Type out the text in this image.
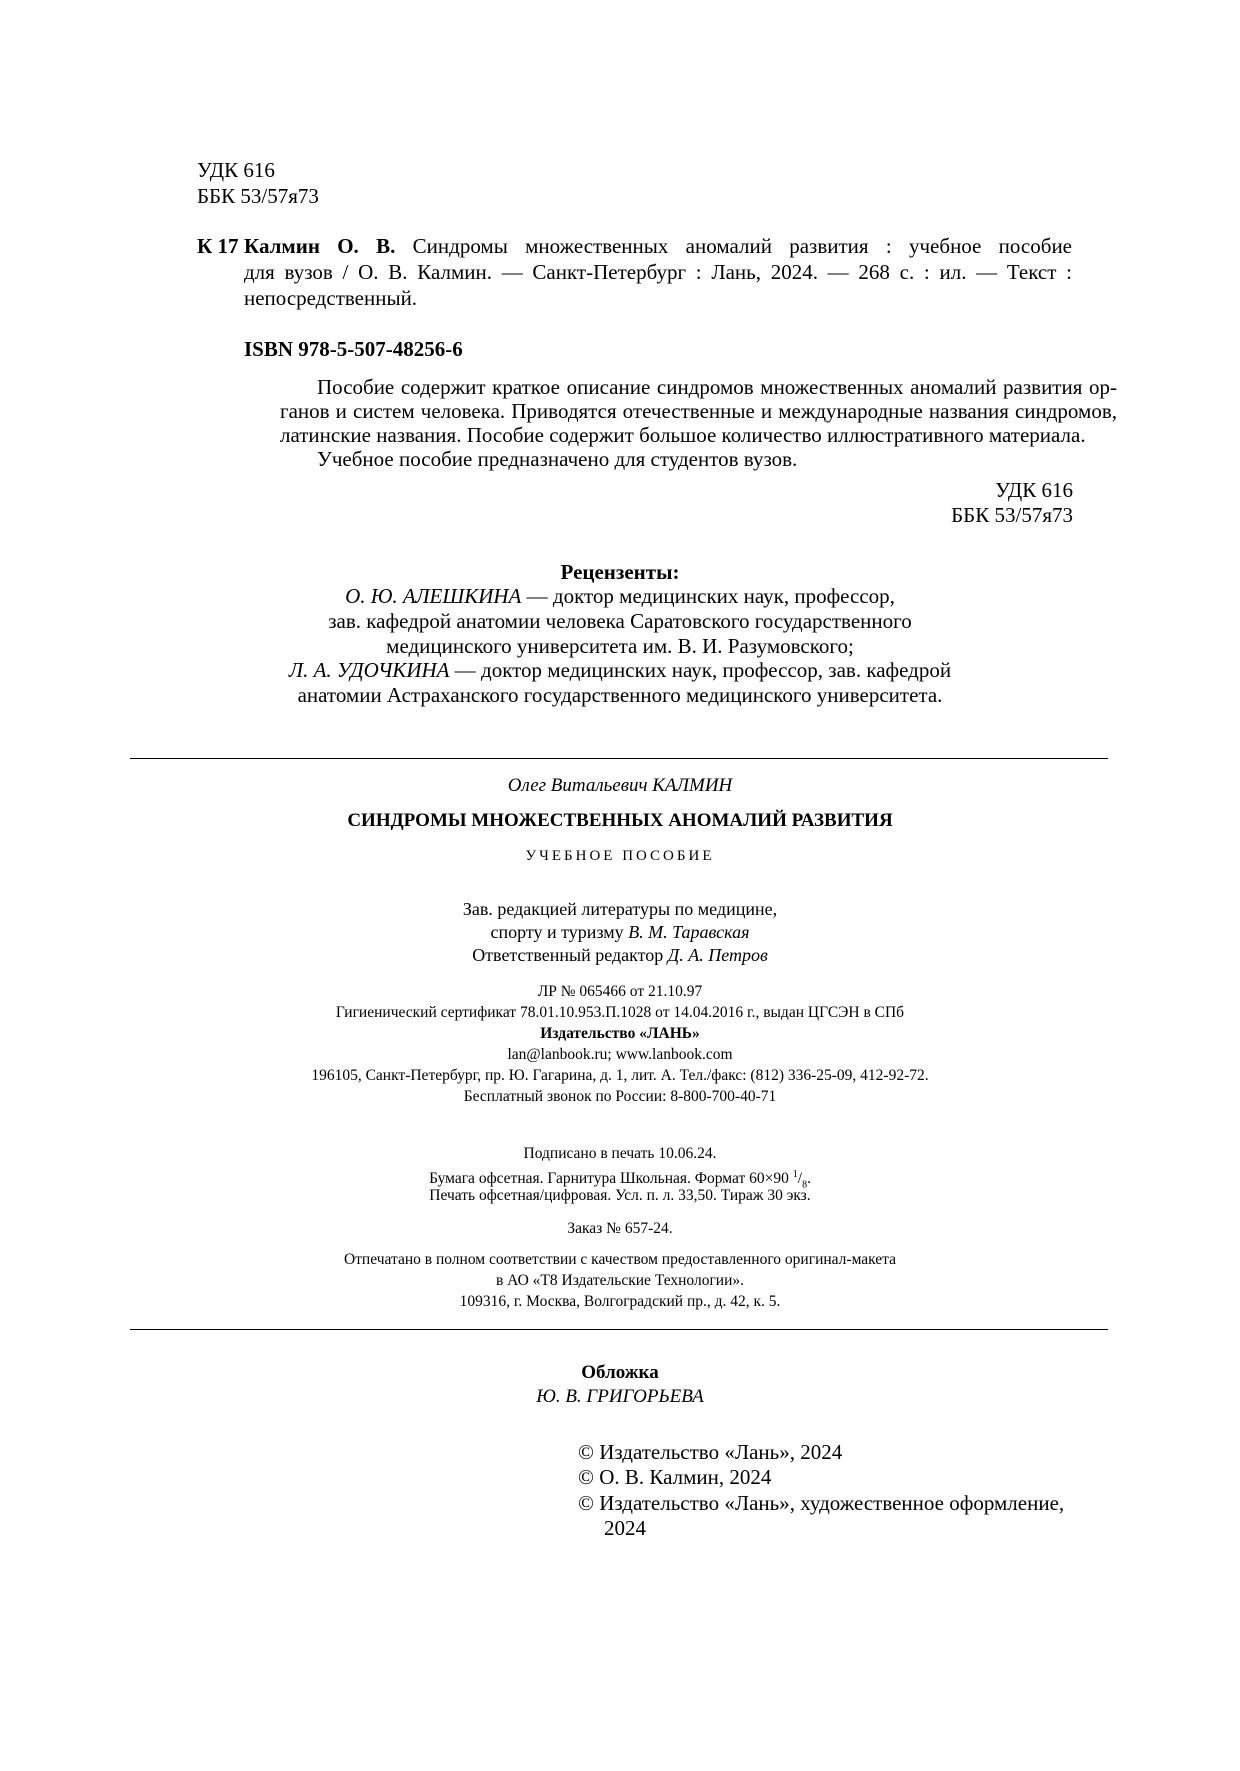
УДК 616
ББК 53/57я73
К 17 Калмин О. В. Синдромы множественных аномалий развития : учебное пособие
для вузов / О. В. Калмин. — Санкт-Петербург : Лань, 2024. — 268 с. : ил. — Текст :
непосредственный.
ISBN 978-5-507-48256-6
Пособие содержит краткое описание синдромов множественных аномалий развития ор-
ганов и систем человека. Приводятся отечественные и международные названия синдромов,
латинские названия. Пособие содержит большое количество иллюстративного материала.
Учебное пособие предназначено для студентов вузов.
УДК 616
ББК 53/57я73
Рецензенты:
О. Ю. АЛЕШКИНА — доктор медицинских наук, профессор,
зав. кафедрой анатомии человека Саратовского государственного
медицинского университета им. В. И. Разумовского;
Л. А. УДОЧКИНА — доктор медицинских наук, профессор, зав. кафедрой
анатомии Астраханского государственного медицинского университета.
Олег Витальевич КАЛМИН
СИНДРОМЫ МНОЖЕСТВЕННЫХ АНОМАЛИЙ РАЗВИТИЯ
УЧЕБНОЕ ПОСОБИЕ
Зав. редакцией литературы по медицине,
спорту и туризму В. М. Таравская
Ответственный редактор Д. А. Петров
ЛР № 065466 от 21.10.97
Гигиенический сертификат 78.01.10.953.П.1028 от 14.04.2016 г., выдан ЦГСЭН в СПб
Издательство «ЛАНЬ»
lan@lanbook.ru; www.lanbook.com
196105, Санкт-Петербург, пр. Ю. Гагарина, д. 1, лит. А. Тел./факс: (812) 336-25-09, 412-92-72.
Бесплатный звонок по России: 8-800-700-40-71
Подписано в печать 10.06.24.
Бумага офсетная. Гарнитура Школьная. Формат 60×90 $^1/_8$.
Печать офсетная/цифровая. Усл. п. л. 33,50. Тираж 30 экз.
Заказ № 657-24.
Отпечатано в полном соответствии с качеством предоставленного оригинал-макета
в АО «Т8 Издательские Технологии».
109316, г. Москва, Волгоградский пр., д. 42, к. 5.
Обложка
Ю. В. ГРИГОРЬЕВА
© Издательство «Лань», 2024
© О. В. Калмин, 2024
© Издательство «Лань», художественное оформление,
2024
